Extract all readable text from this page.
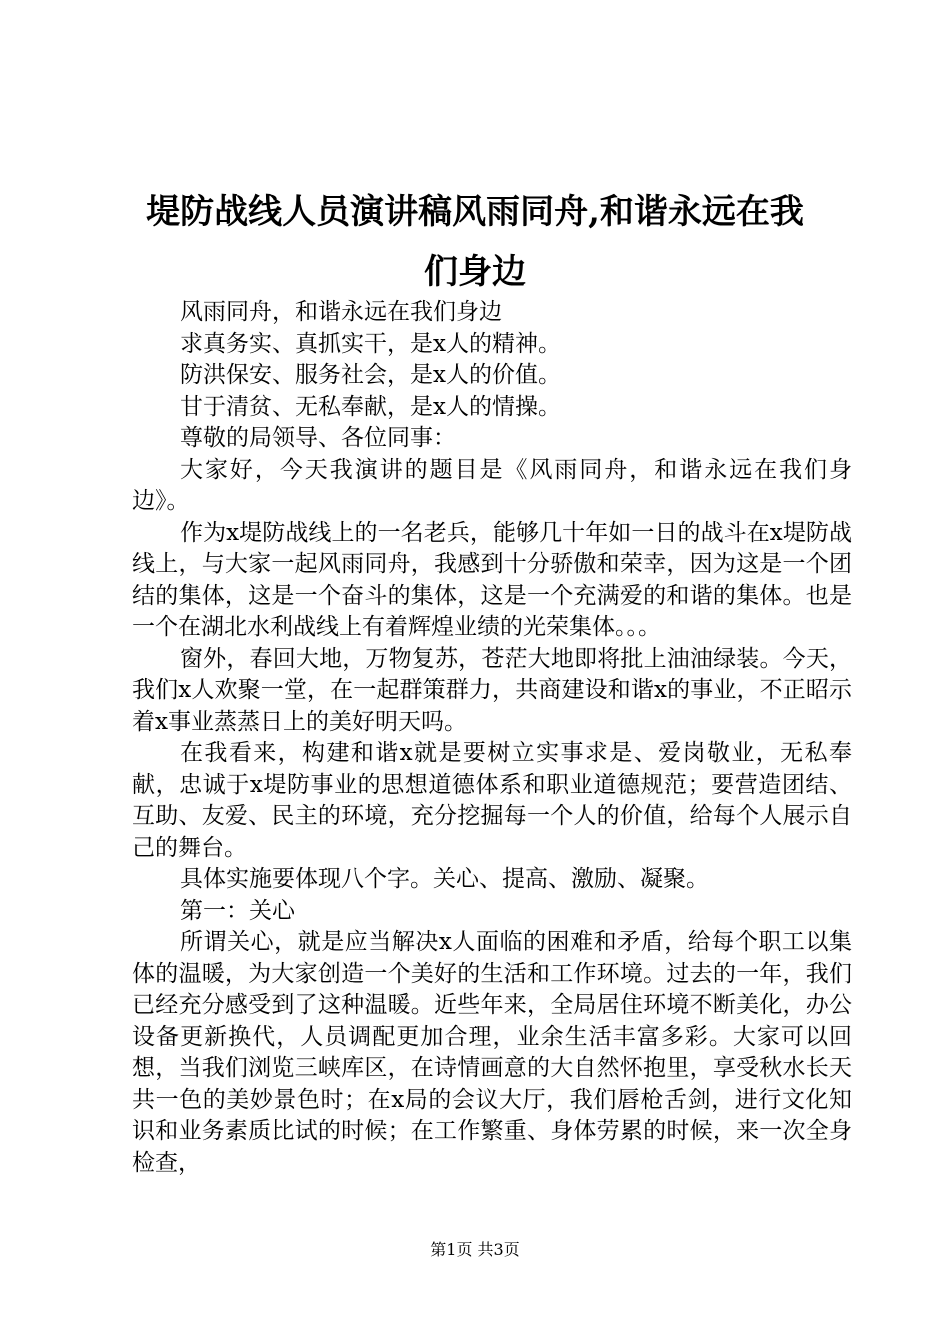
堤防战线人员演讲稿风雨同舟,和谐永远在我
们身边

风雨同舟，和谐永远在我们身边

求真务实、真抓实干，是x人的精神。

防洪保安、服务社会，是x人的价值。

甘于清贫、无私奉献，是x人的情操。

尊敬的局领导、各位同事：

大家好，今天我演讲的题目是《风雨同舟，和谐永远在我们身边》。

作为x堤防战线上的一名老兵，能够几十年如一日的战斗在x堤防战线上，与大家一起风雨同舟，我感到十分骄傲和荣幸，因为这是一个团结的集体，这是一个奋斗的集体，这是一个充满爱的和谐的集体。也是一个在湖北水利战线上有着辉煌业绩的光荣集体。。。

窗外，春回大地，万物复苏，苍茫大地即将批上油油绿装。今天，我们x人欢聚一堂，在一起群策群力，共商建设和谐x的事业，不正昭示着x事业蒸蒸日上的美好明天吗。

在我看来，构建和谐x就是要树立实事求是、爱岗敬业，无私奉献，忠诚于x堤防事业的思想道德体系和职业道德规范；要营造团结、互助、友爱、民主的环境，充分挖掘每一个人的价值，给每个人展示自己的舞台。

具体实施要体现八个字。关心、提高、激励、凝聚。

第一：关心

所谓关心，就是应当解决x人面临的困难和矛盾，给每个职工以集体的温暖，为大家创造一个美好的生活和工作环境。过去的一年，我们已经充分感受到了这种温暖。近些年来，全局居住环境不断美化，办公设备更新换代，人员调配更加合理，业余生活丰富多彩。大家可以回想，当我们浏览三峡库区，在诗情画意的大自然怀抱里，享受秋水长天共一色的美妙景色时；在x局的会议大厅，我们唇枪舌剑，进行文化知识和业务素质比试的时候；在工作繁重、身体劳累的时候，来一次全身检查，

第1页 共3页
